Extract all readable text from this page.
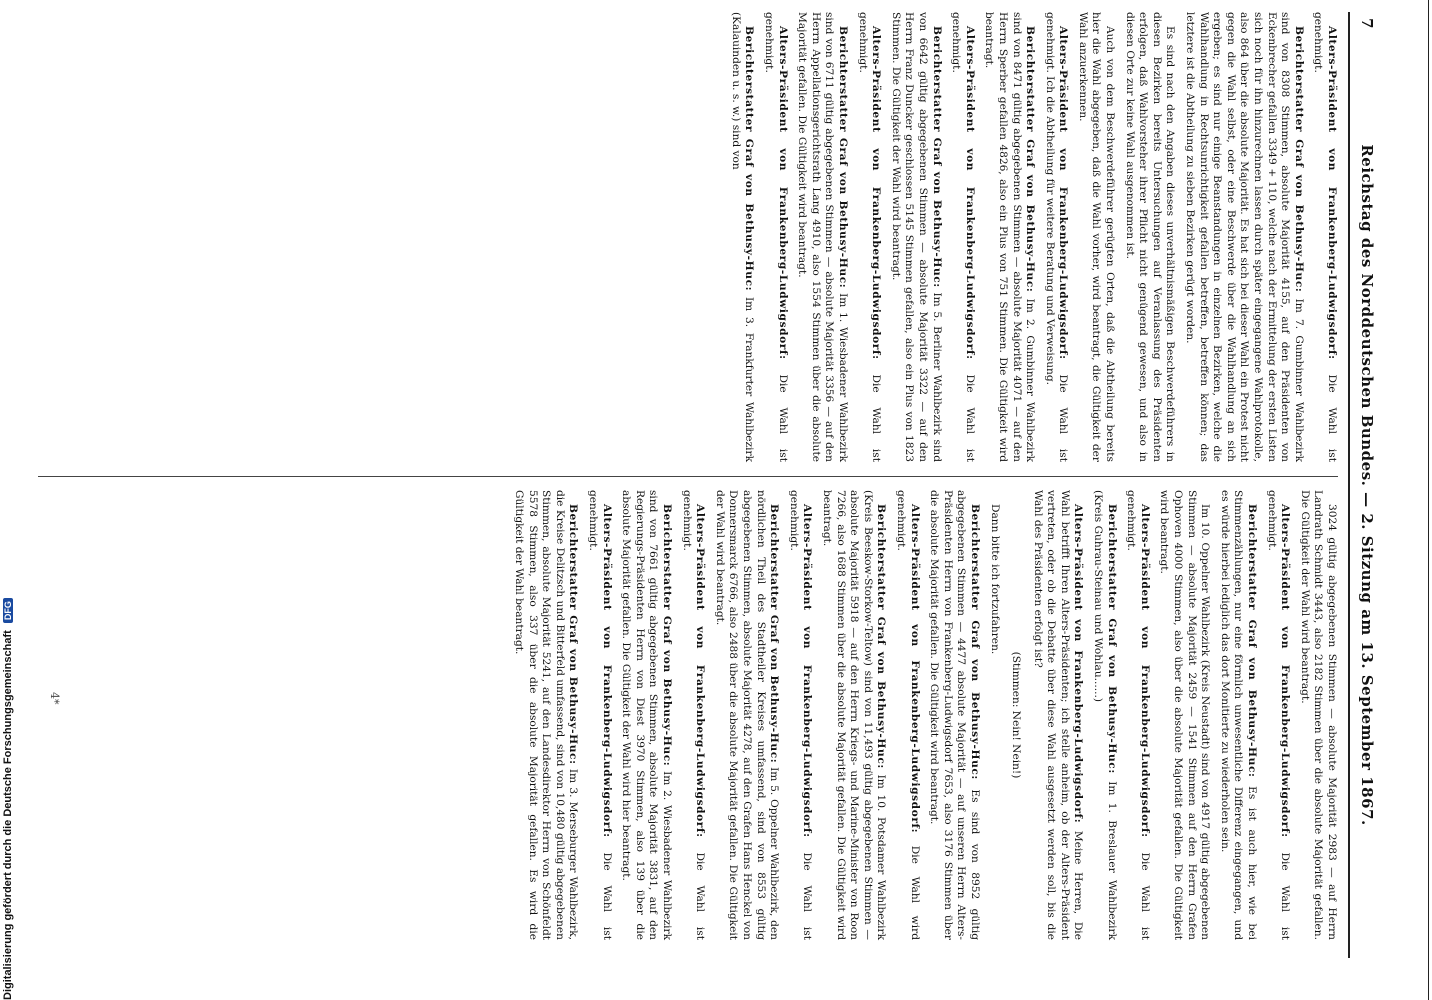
7
Reichstag des Norddeutschen Bundes. — 2. Sitzung am 13. September 1867.

Alters-Präsident von Frankenberg-Ludwigsdorf: Die Wahl ist genehmigt.

Berichterstatter Graf von Bethusy-Huc: Im 7. Gumbinner Wahlbezirk sind von 8308 Stimmen, absolute Majorität 4155, auf den Präsidenten von Eckenbrecher gefallen 3349 + 110, welche nach der Ermittelung der ersten Listen sich noch für ihn hinzurechnen lassen durch später eingegangene Wahlprotokolle, also 864 über die absolute Majorität. Es hat sich bei dieser Wahl ein Protest nicht gegen die Wahl selbst, oder eine Beschwerde über die Wahlhandlung an sich ergeben; es sind nur einige Beanstandungen in einzelnen Bezirken, welche die Wahlhandlung in Rechtsunrichtigkeit gefallen betreffen, betreffen können; das letztere ist die Abtheilung zu sieben Bezirken gerügt worden.

Es sind nach den Angaben dieses unverhältnismäßigen Beschwerdeführers in diesen Bezirken bereits Untersuchungen auf Veranlassung des Präsidenten erfolgen, daß Wahlvorsteher ihrer Pflicht nicht genügend gewesen, und also in diesen Orte zur keine Wahl ausgenommen ist.

Auch von dem Beschwerdeführer gerügten Orten, daß die Abtheilung bereits hier die Wahl abgegeben, daß die Wahl vorher, wird beantragt, die Gültigkeit der Wahl anzuerkennen.

Alters-Präsident von Frankenberg-Ludwigsdorf: Die Wahl ist genehmigt. Ich die Abtheilung für weitere Beratung und Verweisung.

Berichterstatter Graf von Bethusy-Huc: Im 2. Gumbinner Wahlbezirk sind von 8471 gültig abgegebenen Stimmen — absolute Majorität 4071 — auf den Herrn Sperber gefallen 4826, also ein Plus von 751 Stimmen. Die Gültigkeit wird beantragt.

Alters-Präsident von Frankenberg-Ludwigsdorf: Die Wahl ist genehmigt.

Berichterstatter Graf von Bethusy-Huc: Im 5. Berliner Wahlbezirk sind von 6642 gültig abgegebenen Stimmen — absolute Majorität 3322 — auf den Herrn Franz Duncker geschlossen 5145 Stimmen gefallen, also ein Plus von 1823 Stimmen. Die Gültigkeit der Wahl wird beantragt.

Alters-Präsident von Frankenberg-Ludwigsdorf: Die Wahl ist genehmigt.

Berichterstatter Graf von Bethusy-Huc: Im 1. Wiesbadener Wahlbezirk sind von 6711 gültig abgegebenen Stimmen — absolute Majorität 3356 — auf den Herrn Appellationsgerichtsrath Lang 4910, also 1554 Stimmen über die absolute Majorität gefallen. Die Gültigkeit wird beantragt.

Alters-Präsident von Frankenberg-Ludwigsdorf: Die Wahl ist genehmigt.

Berichterstatter Graf von Bethusy-Huc: Im 3. Frankfurter Wahlbezirk (Kalauinden u. s. w.) sind von

3024 gültig abgegebenen Stimmen — absolute Majorität 2983 — auf Herrn Landrath Schmidt 3443, also 2182 Stimmen über die absolute Majorität gefallen. Die Gültigkeit der Wahl wird beantragt.

Alters-Präsident von Frankenberg-Ludwigsdorf: Die Wahl ist genehmigt.

Berichterstatter Graf von Bethusy-Huc: Es ist auch hier, wie bei Stimmenzählungen, nur eine förmlich unwesentliche Differenz eingegangen, und es würde hierbei lediglich das dort Monitierte zu wiederholen sein.

Im 10. Oppelner Wahlbezirk (Kreis Neustadt) sind von 4917 gültig abgegebenen Stimmen — absolute Majorität 2459 — 1541 Stimmen auf den Herrn Grafen Ophoven 4000 Stimmen, also über die absolute Majorität gefallen. Die Gültigkeit wird beantragt.

Alters-Präsident von Frankenberg-Ludwigsdorf: Die Wahl ist genehmigt.

Berichterstatter Graf von Bethusy-Huc: Im 1. Breslauer Wahlbezirk (Kreis Guhrau-Steinau und Wohlau......)

Alters-Präsident von Frankenberg-Ludwigsdorf: Meine Herren, Die Wahl betrifft Ihren Alters-Präsidenten; ich stelle anheim, ob der Alters-Präsident vertreten, oder ob die Debatte über diese Wahl ausgesetzt werden soll, bis die Wahl des Präsidenten erfolgt ist?

(Stimmen: Nein! Nein!)

Dann bitte ich fortzufahren.

Berichterstatter Graf von Bethusy-Huc: Es sind von 8952 gültig abgegebenen Stimmen — 4477 absolute Majorität — auf unseren Herrn Alters-Präsidenten Herrn von Frankenberg-Ludwigsdorf 7653, also 3176 Stimmen über die absolute Majorität gefallen. Die Gültigkeit wird beantragt.

Alters-Präsident von Frankenberg-Ludwigsdorf: Die Wahl wird genehmigt.

Berichterstatter Graf von Bethusy-Huc: Im 10. Potsdamer Wahlbezirk (Kreis Beeskow-Storkow-Teltow) sind von 11,493 gültig abgegebenen Stimmen — absolute Majorität 5918 — auf den Herrn Kriegs- und Marine-Minister von Roon 7266, also 1688 Stimmen über die absolute Majorität gefallen. Die Gültigkeit wird beantragt.

Alters-Präsident von Frankenberg-Ludwigsdorf: Die Wahl ist genehmigt.

Berichterstatter Graf von Bethusy-Huc: Im 5. Oppelner Wahlbezirk, den nördlichen Theil des Stadtheiler Kreises umfassend, sind von 8553 gültig abgegebenen Stimmen, absolute Majorität 4278, auf den Grafen Hans Henckel von Donnersmarck 6766, also 2488 über die absolute Majorität gefallen. Die Gültigkeit der Wahl wird beantragt.

Alters-Präsident von Frankenberg-Ludwigsdorf: Die Wahl ist genehmigt.

Berichterstatter Graf von Bethusy-Huc: Im 2. Wiesbadener Wahlbezirk sind von 7661 gültig abgegebenen Stimmen, absolute Majorität 3831, auf den Regierungs-Präsidenten Herrn von Diest 3970 Stimmen, also 139 über die absolute Majorität gefallen. Die Gültigkeit der Wahl wird hier beantragt.

Alters-Präsident von Frankenberg-Ludwigsdorf: Die Wahl ist genehmigt.

Berichterstatter Graf von Bethusy-Huc: Im 3. Merseburger Wahlbezirk, die Kreise Delitzsch und Bitterfeld umfassend, sind von 10,480 gültig abgegebenen Stimmen, absolute Majorität 5241, auf den Landesdirektor Herrn von Schönfeldt 5578 Stimmen, also 337 über die absolute Majorität gefallen. Es wird die Gültigkeit der Wahl beantragt.

4*
Digitalisierung gefördert durch die Deutsche Forschungsgemeinschaft DFG
